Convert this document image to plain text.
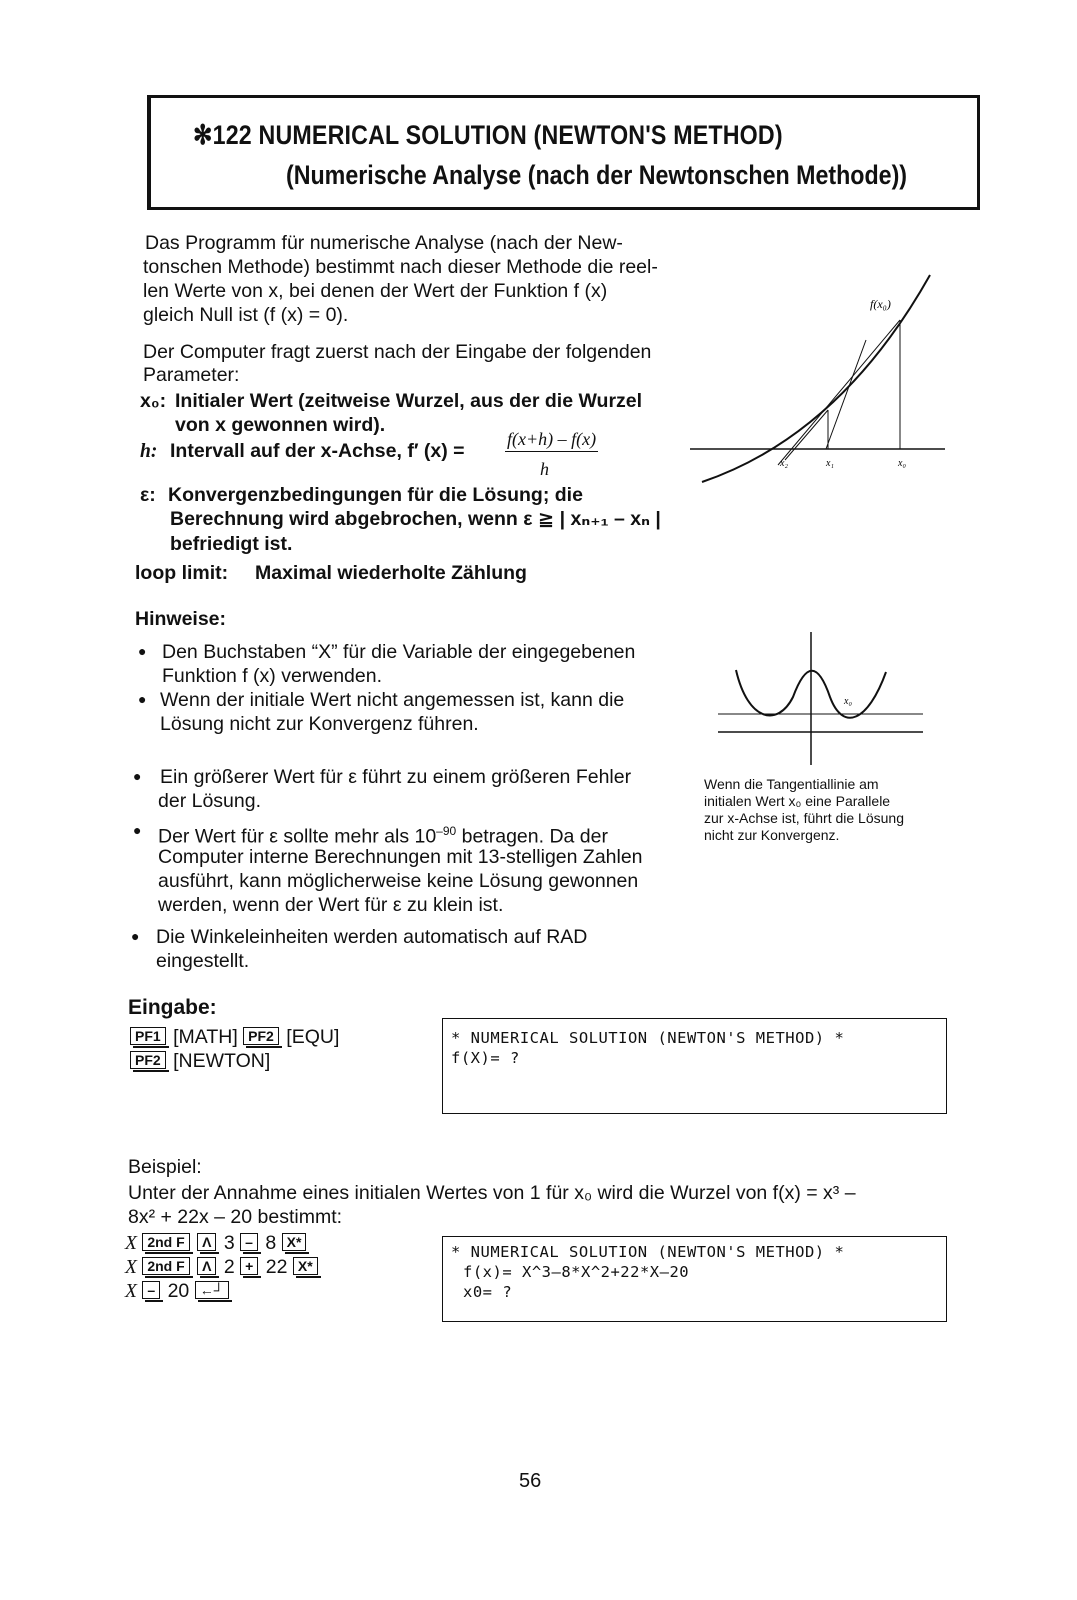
✻122 NUMERICAL SOLUTION (NEWTON'S METHOD)
(Numerische Analyse (nach der Newtonschen Methode))
Das Programm für numerische Analyse (nach der New-
tonschen Methode) bestimmt nach dieser Methode die reel-
len Werte von x, bei denen der Wert der Funktion f (x)
gleich Null ist (f (x) = 0).
Der Computer fragt zuerst nach der Eingabe der folgenden
Parameter:
x₀: Initialer Wert (zeitweise Wurzel, aus der die Wurzel
von x gewonnen wird).
h: Intervall auf der x-Achse, f′ (x) =
f(x+h) – f(x)
h
ε: Konvergenzbedingungen für die Lösung; die
Berechnung wird abgebrochen, wenn ε ≧ | xₙ₊₁ – xₙ |
befriedigt ist.
loop limit: Maximal wiederholte Zählung
f(x₀)
x₂	x₁	x₀
Hinweise:
● Den Buchstaben “X” für die Variable der eingegebenen
Funktion f (x) verwenden.
● Wenn der initiale Wert nicht angemessen ist, kann die
Lösung nicht zur Konvergenz führen.
● Ein größerer Wert für ε führt zu einem größeren Fehler
der Lösung.
● Der Wert für ε sollte mehr als $10^{-90}$ betragen. Da der
Computer interne Berechnungen mit 13-stelligen Zahlen
ausführt, kann möglicherweise keine Lösung gewonnen
werden, wenn der Wert für ε zu klein ist.
● Die Winkeleinheiten werden automatisch auf RAD
eingestellt.
x₀
Wenn die Tangentiallinie am
initialen Wert x₀ eine Parallele
zur x-Achse ist, führt die Lösung
nicht zur Konvergenz.
Eingabe:
PF1 [MATH] PF2 [EQU]
PF2 [NEWTON]
* NUMERICAL SOLUTION (NEWTON'S METHOD) *
f(X)= ?
Beispiel:
Unter der Annahme eines initialen Wertes von 1 für x₀ wird die Wurzel von f(x) = x³ –
8x² + 22x – 20 bestimmt:
X 2nd F Λ 3 – 8 X*
X 2nd F Λ 2 + 22 X*
X – 20 ←┘
* NUMERICAL SOLUTION (NEWTON'S METHOD) *
f(x)= X^3–8*X^2+22*X–20
x0= ?
56
